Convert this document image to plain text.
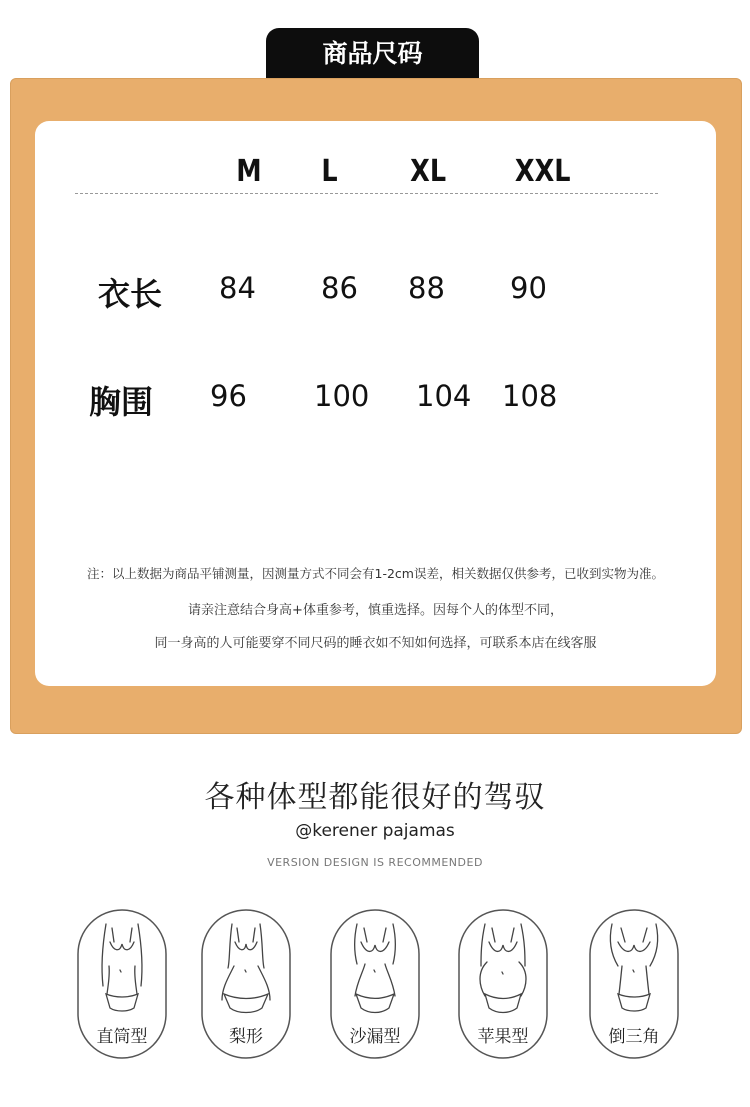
商品尺码
M L XL XXL
衣长 84 86 88 90
胸围 96 100 104 108
注：以上数据为商品平铺测量，因测量方式不同会有1-2cm误差，相关数据仅供参考，已收到实物为准。
请亲注意结合身高+体重参考，慎重选择。因每个人的体型不同，
同一身高的人可能要穿不同尺码的睡衣如不知如何选择，可联系本店在线客服
各种体型都能很好的驾驭
@kerener pajamas
VERSION DESIGN IS RECOMMENDED
直筒型	梨形	沙漏型	苹果型	倒三角
